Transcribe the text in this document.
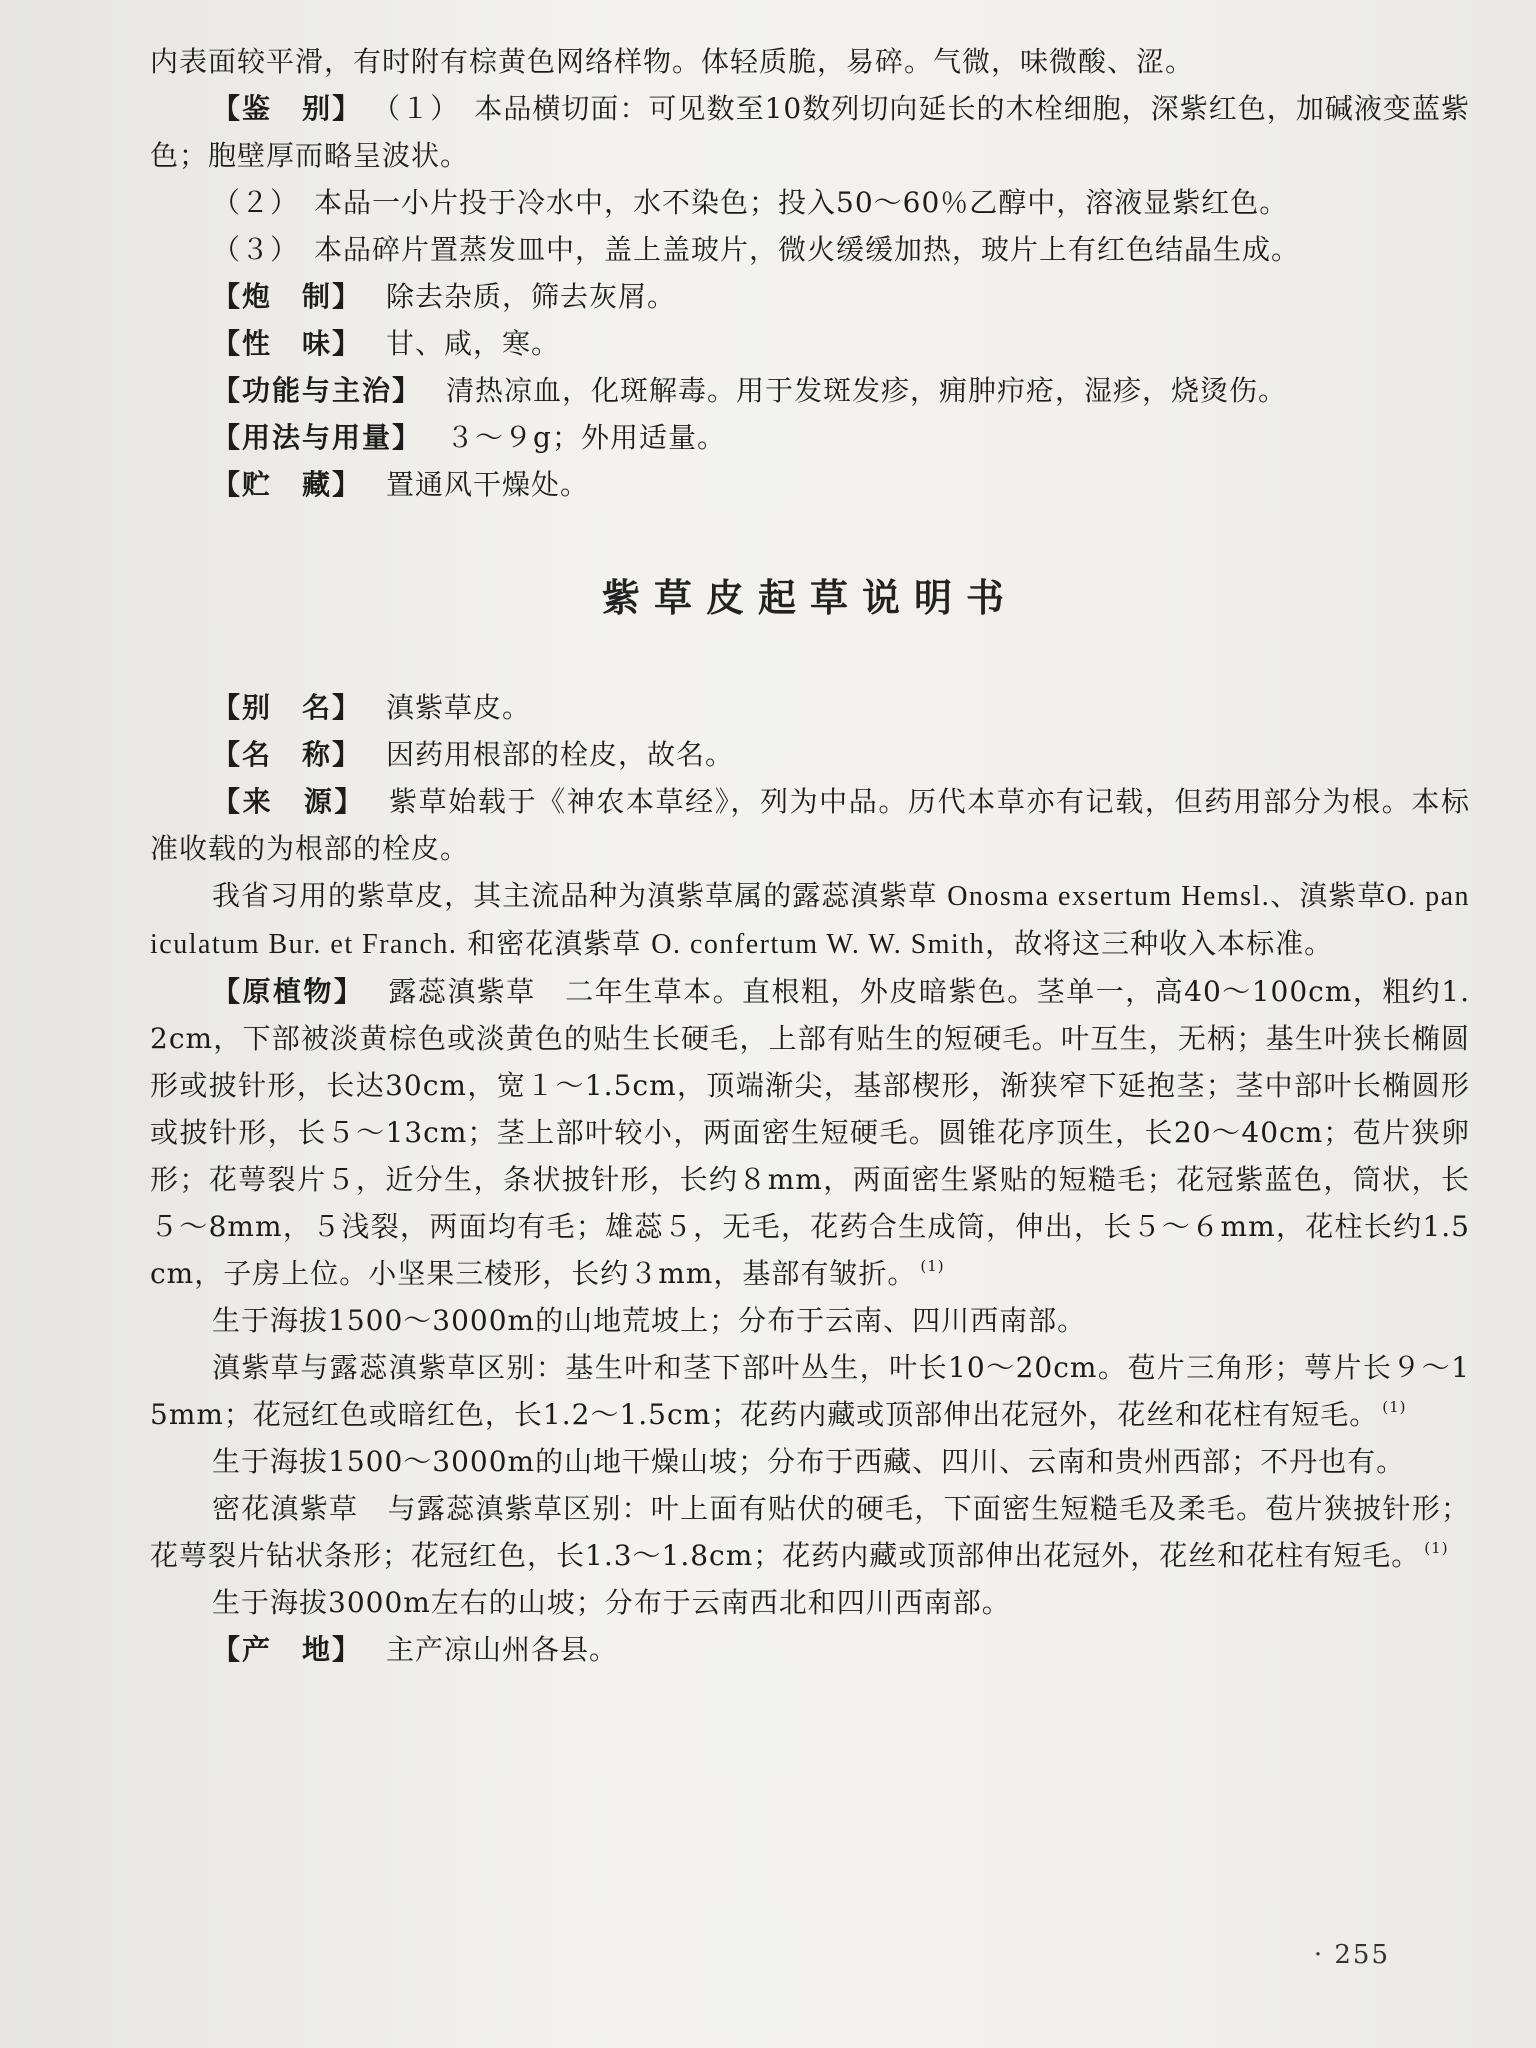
内表面较平滑，有时附有棕黄色网络样物。体轻质脆，易碎。气微，味微酸、涩。

【鉴　别】 （１）　本品横切面：可见数至10数列切向延长的木栓细胞，深紫红色，加碱液变蓝紫色；胞壁厚而略呈波状。

（２）　本品一小片投于冷水中，水不染色；投入50～60％乙醇中，溶液显紫红色。

（３）　本品碎片置蒸发皿中，盖上盖玻片，微火缓缓加热，玻片上有红色结晶生成。

【炮　制】 除去杂质，筛去灰屑。

【性　味】 甘、咸，寒。

【功能与主治】 清热凉血，化斑解毒。用于发斑发疹，痈肿疖疮，湿疹，烧烫伤。

【用法与用量】 ３～９g；外用适量。

【贮　藏】 置通风干燥处。

紫草皮起草说明书

【别　名】 滇紫草皮。

【名　称】 因药用根部的栓皮，故名。

【来　源】 紫草始载于《神农本草经》，列为中品。历代本草亦有记载，但药用部分为根。本标准收载的为根部的栓皮。

我省习用的紫草皮，其主流品种为滇紫草属的露蕊滇紫草 Onosma exsertum Hemsl.、滇紫草O. paniculatum Bur. et Franch. 和密花滇紫草 O. confertum W. W. Smith，故将这三种收入本标准。

【原植物】 露蕊滇紫草　二年生草本。直根粗，外皮暗紫色。茎单一，高40～100cm，粗约1.2cm，下部被淡黄棕色或淡黄色的贴生长硬毛，上部有贴生的短硬毛。叶互生，无柄；基生叶狭长椭圆形或披针形，长达30cm，宽１～1.5cm，顶端渐尖，基部楔形，渐狭窄下延抱茎；茎中部叶长椭圆形或披针形，长５～13cm；茎上部叶较小，两面密生短硬毛。圆锥花序顶生，长20～40cm；苞片狭卵形；花萼裂片５，近分生，条状披针形，长约８mm，两面密生紧贴的短糙毛；花冠紫蓝色，筒状，长５～8mm，５浅裂，两面均有毛；雄蕊５，无毛，花药合生成筒，伸出，长５～６mm，花柱长约1.5cm，子房上位。小坚果三棱形，长约３mm，基部有皱折。 $^{(1)}$

生于海拔1500～3000m的山地荒坡上；分布于云南、四川西南部。

滇紫草与露蕊滇紫草区别：基生叶和茎下部叶丛生，叶长10～20cm。苞片三角形；萼片长９～15mm；花冠红色或暗红色，长1.2～1.5cm；花药内藏或顶部伸出花冠外，花丝和花柱有短毛。 $^{(1)}$

生于海拔1500～3000m的山地干燥山坡；分布于西藏、四川、云南和贵州西部；不丹也有。

密花滇紫草　与露蕊滇紫草区别：叶上面有贴伏的硬毛，下面密生短糙毛及柔毛。苞片狭披针形；花萼裂片钻状条形；花冠红色，长1.3～1.8cm；花药内藏或顶部伸出花冠外，花丝和花柱有短毛。 $^{(1)}$

生于海拔3000m左右的山坡；分布于云南西北和四川西南部。

【产　地】 主产凉山州各县。

· 255
